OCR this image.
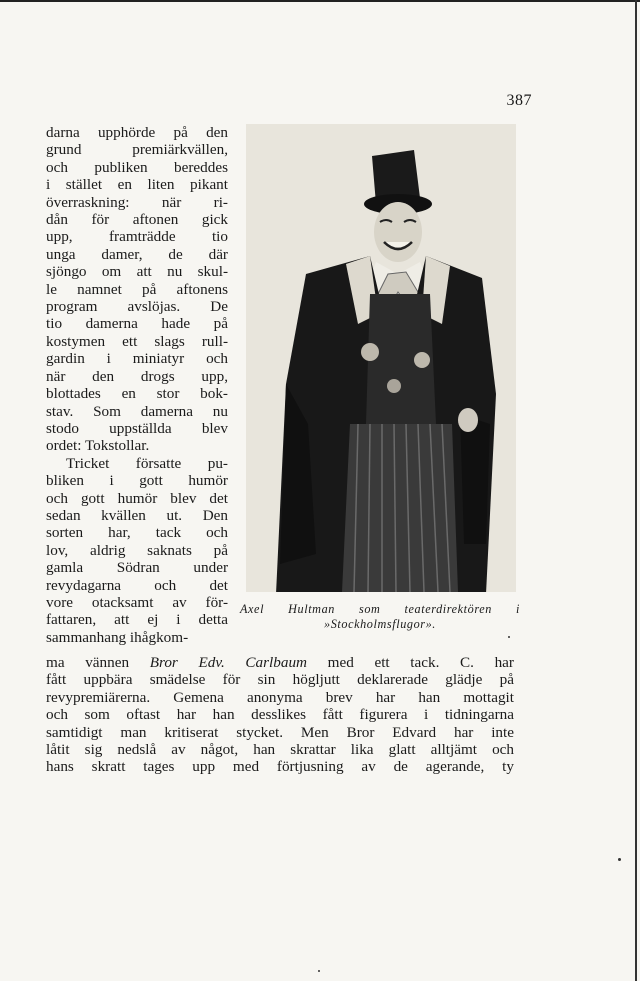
387
darna upphörde på den
grund premiärkvällen,
och publiken bereddes
i stället en liten pikant
överraskning: när ri-
dån för aftonen gick
upp, framträdde tio
unga damer, de där
sjöngo om att nu skul-
le namnet på aftonens
program avslöjas. De
tio damerna hade på
kostymen ett slags rull-
gardin i miniatyr och
när den drogs upp,
blottades en stor bok-
stav. Som damerna nu
stodo uppställda blev
ordet: Tokstollar.
Tricket försatte pu-
bliken i gott humör
och gott humör blev det
sedan kvällen ut. Den
sorten har, tack och
lov, aldrig saknats på
gamla Södran under
revydagarna och det
vore otacksamt av för-
fattaren, att ej i detta
sammanhang ihågkom-
Axel Hultman som teaterdirektören i
»Stockholmsflugor».
ma vännen Bror Edv. Carlbaum med ett tack. C. har
fått uppbära smädelse för sin högljutt deklarerade glädje på
revypremiärerna. Gemena anonyma brev har han mottagit
och som oftast har han desslikes fått figurera i tidningarna
samtidigt man kritiserat stycket. Men Bror Edvard har inte
låtit sig nedslå av något, han skrattar lika glatt alltjämt och
hans skratt tages upp med förtjusning av de agerande, ty
